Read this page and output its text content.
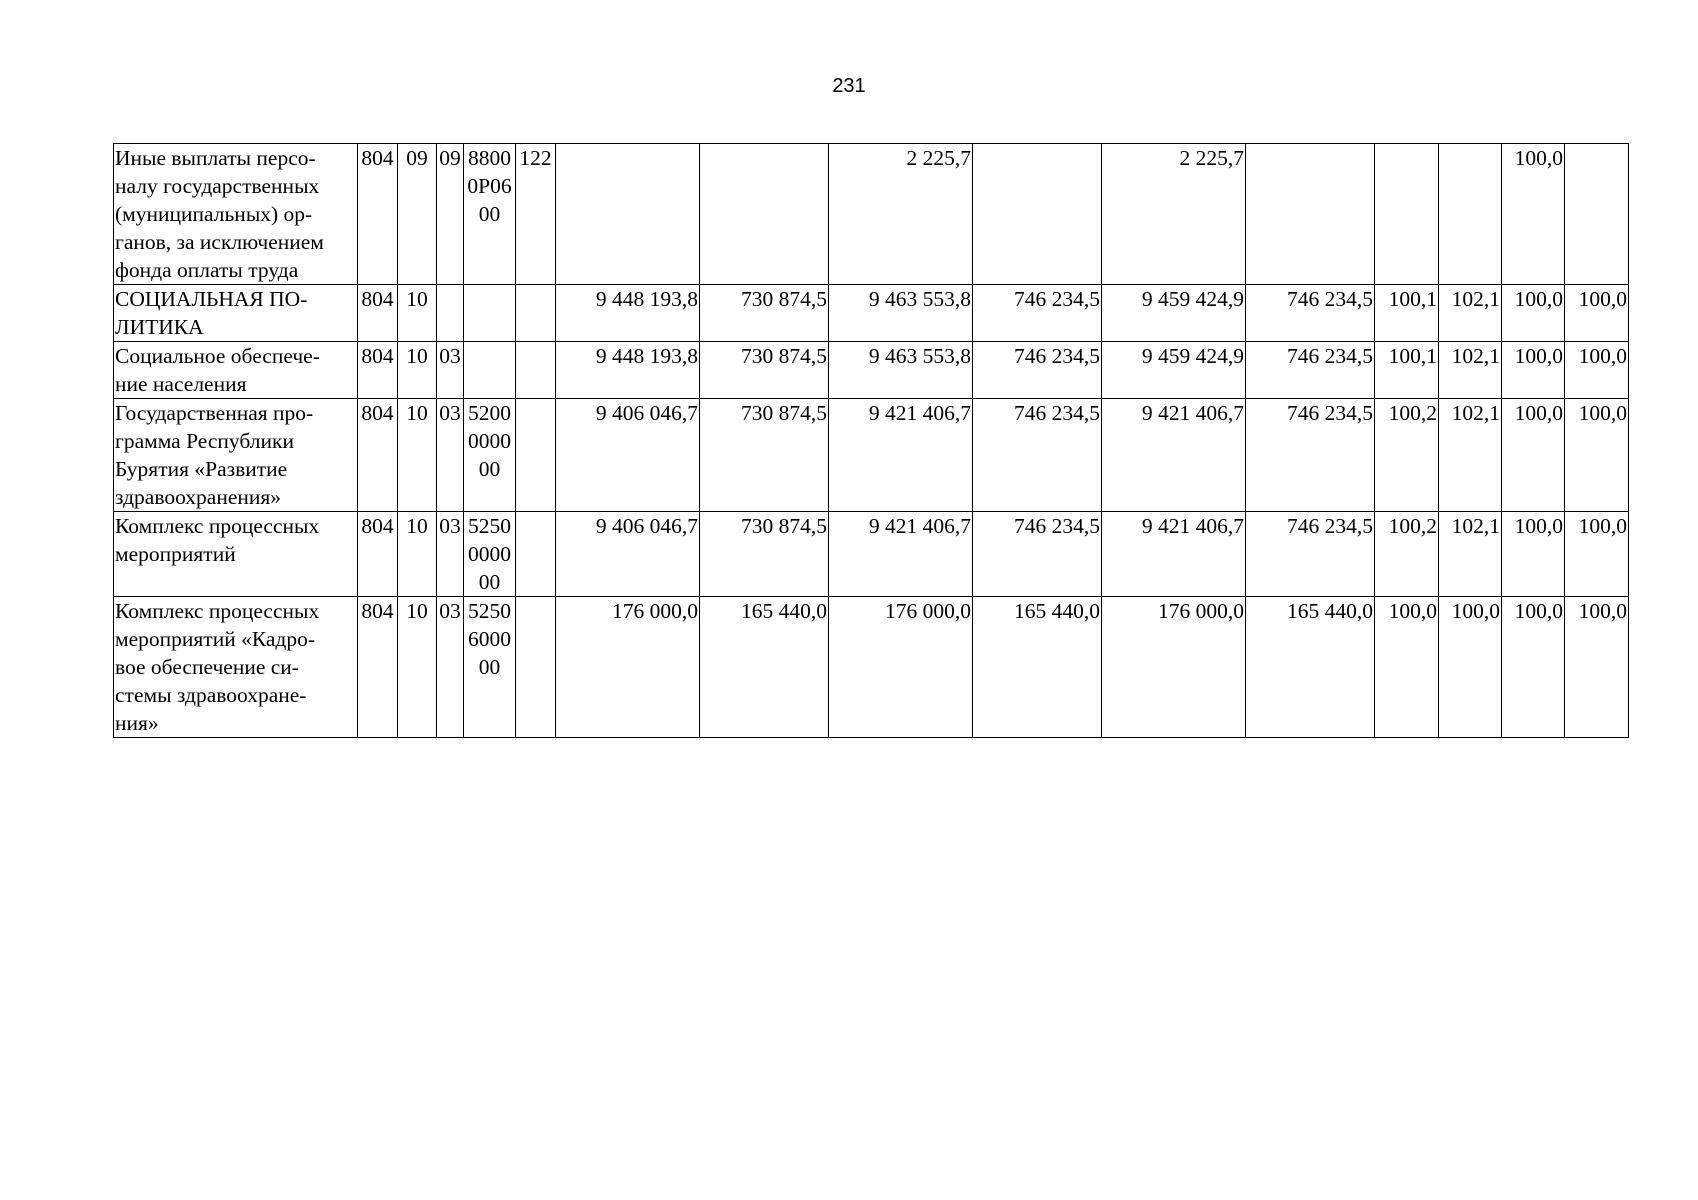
231
Иные выплаты персо-
налу государственных
(муниципальных) ор-
ганов, за исключением
фонда оплаты труда	804	09	09	8800
0Р06
00	122			2 225,7		2 225,7				100,0	

СОЦИАЛЬНАЯ ПО-
ЛИТИКА	804	10				9 448 193,8	730 874,5	9 463 553,8	746 234,5	9 459 424,9	746 234,5	100,1	102,1	100,0	100,0

Социальное обеспече-
ние населения	804	10	03			9 448 193,8	730 874,5	9 463 553,8	746 234,5	9 459 424,9	746 234,5	100,1	102,1	100,0	100,0

Государственная про-
грамма Республики
Бурятия «Развитие
здравоохранения»	804	10	03	5200
0000
00		9 406 046,7	730 874,5	9 421 406,7	746 234,5	9 421 406,7	746 234,5	100,2	102,1	100,0	100,0

Комплекс процессных
мероприятий	804	10	03	5250
0000
00		9 406 046,7	730 874,5	9 421 406,7	746 234,5	9 421 406,7	746 234,5	100,2	102,1	100,0	100,0

Комплекс процессных
мероприятий «Кадро-
вое обеспечение си-
стемы здравоохране-
ния»	804	10	03	5250
6000
00		176 000,0	165 440,0	176 000,0	165 440,0	176 000,0	165 440,0	100,0	100,0	100,0	100,0
